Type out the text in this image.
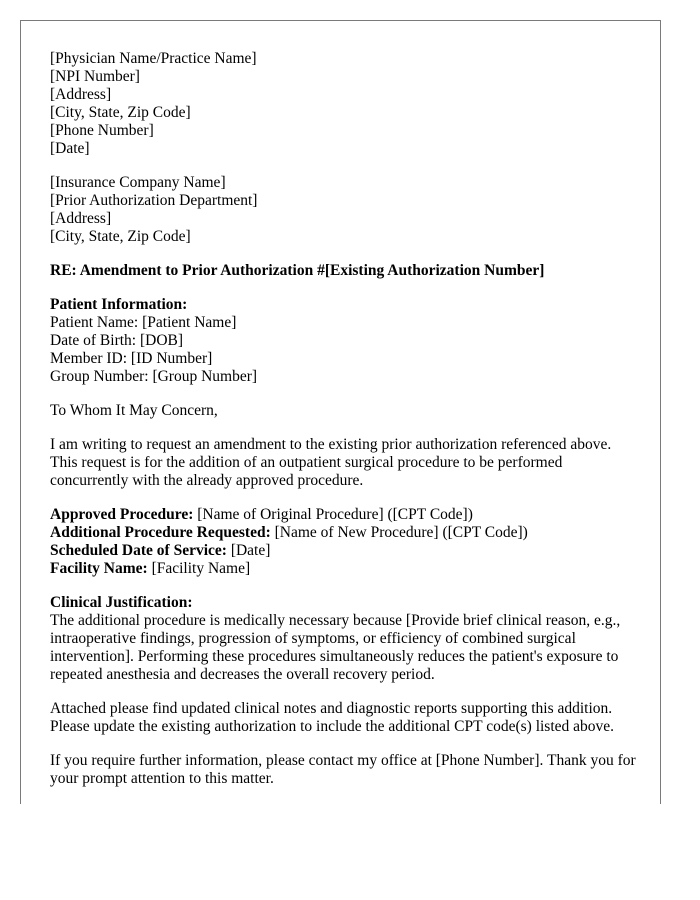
[Physician Name/Practice Name]
[NPI Number]
[Address]
[City, State, Zip Code]
[Phone Number]
[Date]
[Insurance Company Name]
[Prior Authorization Department]
[Address]
[City, State, Zip Code]
RE: Amendment to Prior Authorization #[Existing Authorization Number]
Patient Information:
Patient Name: [Patient Name]
Date of Birth: [DOB]
Member ID: [ID Number]
Group Number: [Group Number]
To Whom It May Concern,
I am writing to request an amendment to the existing prior authorization referenced above. This request is for the addition of an outpatient surgical procedure to be performed concurrently with the already approved procedure.
Approved Procedure: [Name of Original Procedure] ([CPT Code])
Additional Procedure Requested: [Name of New Procedure] ([CPT Code])
Scheduled Date of Service: [Date]
Facility Name: [Facility Name]
Clinical Justification:
The additional procedure is medically necessary because [Provide brief clinical reason, e.g., intraoperative findings, progression of symptoms, or efficiency of combined surgical intervention]. Performing these procedures simultaneously reduces the patient's exposure to repeated anesthesia and decreases the overall recovery period.
Attached please find updated clinical notes and diagnostic reports supporting this addition. Please update the existing authorization to include the additional CPT code(s) listed above.
If you require further information, please contact my office at [Phone Number]. Thank you for your prompt attention to this matter.
